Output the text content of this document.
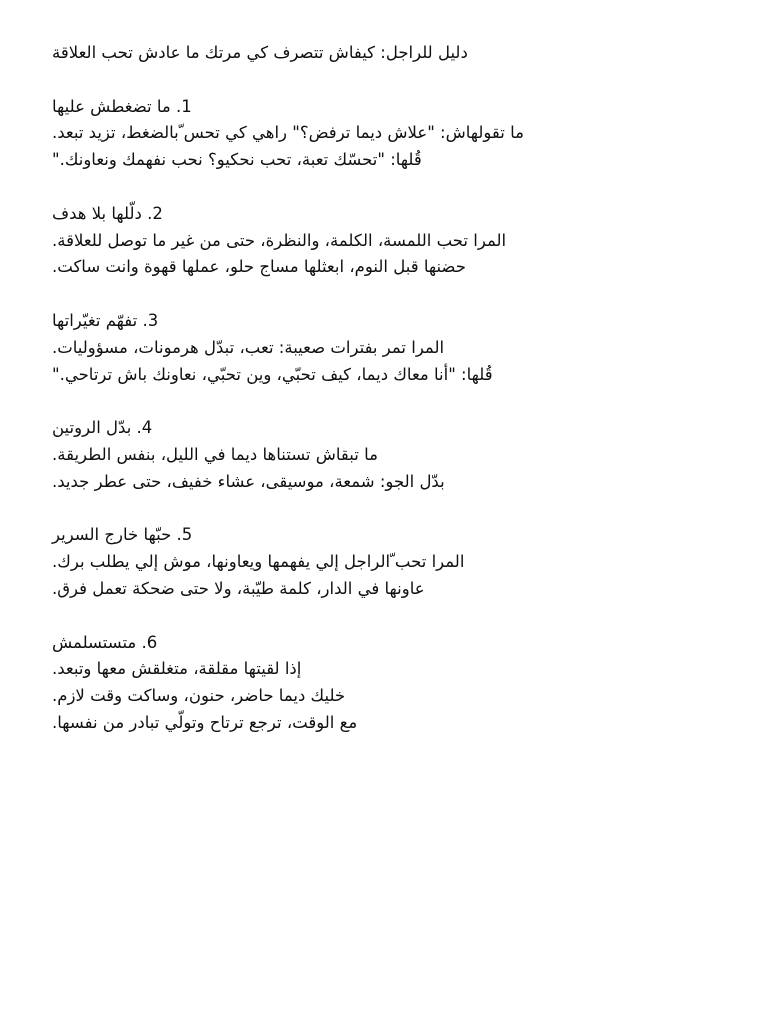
دليل للراجل: كيفاش تتصرف كي مرتك ما عادش تحب العلاقة
1. ما تضغطش عليها
ما تقولهاش: "علاش ديما ترفض؟" راهي كي تحس ّبالضغط، تزيد تبعد.
قُلها: "تحسّك تعبة، تحب نحكيو؟ نحب نفهمك ونعاونك."
2. دلّلها بلا هدف
المرا تحب اللمسة، الكلمة، والنظرة، حتى من غير ما توصل للعلاقة.
حضنها قبل النوم، ابعثلها مساج حلو، عملها قهوة وانت ساكت.
3. تفهّم تغيّراتها
المرا تمر بفترات صعيبة: تعب، تبدّل هرمونات، مسؤوليات.
قُلها: "أنا معاك ديما، كيف تحبّي، وين تحبّي، نعاونك باش ترتاحي."
4. بدّل الروتين
ما تبقاش تستناها ديما في الليل، بنفس الطريقة.
بدّل الجو: شمعة، موسيقى، عشاء خفيف، حتى عطر جديد.
5. حبّها خارج السرير
المرا تحب ّالراجل إلي يفهمها ويعاونها، موش إلي يطلب برك.
عاونها في الدار، كلمة طيّبة، ولا حتى ضحكة تعمل فرق.
6. متستسلمش
إذا لقيتها مقلقة، متغلقش معها وتبعد.
خليك ديما حاضر، حنون، وساكت وقت لازم.
مع الوقت، ترجع ترتاح وتولّي تبادر من نفسها.
